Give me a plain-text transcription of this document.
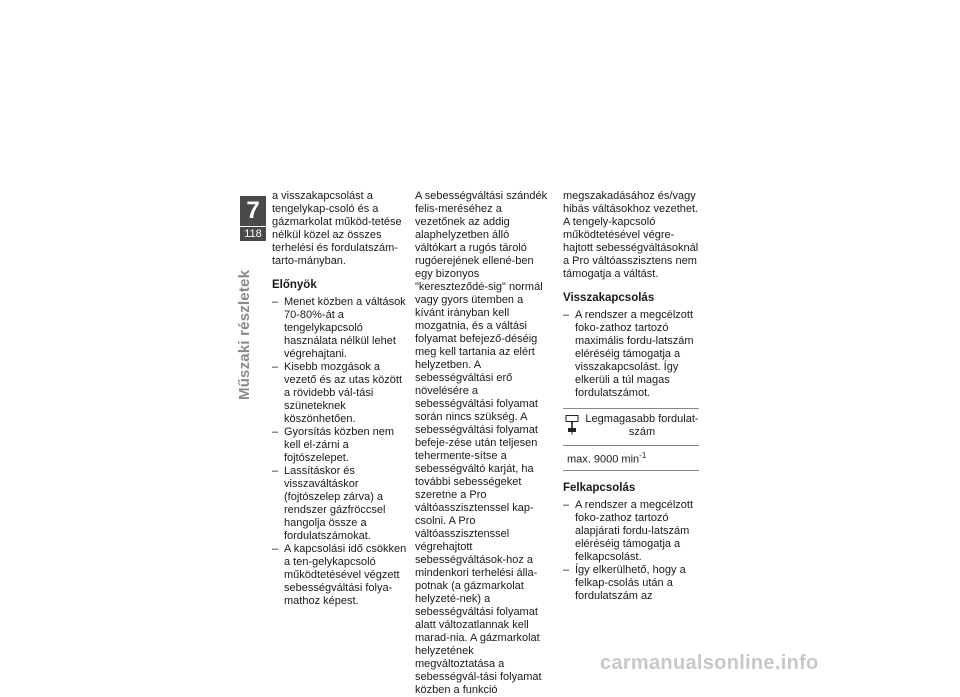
7
118
Műszaki részletek

a visszakapcsolást a tengelykap-csoló és a gázmarkolat működ-tetése nélkül közel az összes terhelési és fordulatszám-tarto-mányban.

Előnyök
– Menet közben a váltások 70-80%-át a tengelykapcsoló használata nélkül lehet végrehajtani.
– Kisebb mozgások a vezető és az utas között a rövidebb vál-tási szüneteknek köszönhetően.
– Gyorsítás közben nem kell el-zárni a fojtószelepet.
– Lassításkor és visszaváltáskor (fojtószelep zárva) a rendszer gázfröccsel hangolja össze a fordulatszámokat.
– A kapcsolási idő csökken a ten-gelykapcsoló működtetésével végzett sebességváltási folya-mathoz képest.

A sebességváltási szándék felis-meréséhez a vezetőnek az addig alaphelyzetben álló váltókart a rugós tároló rugóerejének ellené-ben egy bizonyos "kereszteződé-sig" normál vagy gyors ütemben a kívánt irányban kell mozgatnia, és a váltási folyamat befejező-déséig meg kell tartania az elért helyzetben. A sebességváltási erő növelésére a sebességváltási folyamat során nincs szükség. A sebességváltási folyamat befeje-zése után teljesen tehermente-sítse a sebességváltó karját, ha további sebességeket szeretne a Pro váltóasszisztenssel kap-csolni. A Pro váltóasszisztenssel végrehajtott sebességváltások-hoz a mindenkori terhelési álla-potnak (a gázmarkolat helyzeté-nek) a sebességváltási folyamat alatt változatlannak kell marad-nia. A gázmarkolat helyzetének megváltoztatása a sebességvál-tási folyamat közben a funkció

megszakadásához és/vagy hibás váltásokhoz vezethet. A tengely-kapcsoló működtetésével végre-hajtott sebességváltásoknál a Pro váltóasszisztens nem támogatja a váltást.

Visszakapcsolás
– A rendszer a megcélzott foko-zathoz tartozó maximális fordu-latszám eléréséig támogatja a visszakapcsolást. Így elkerüli a túl magas fordulatszámot.
Legmagasabb fordulat-szám
max. 9000 $\min^{-1}$
Felkapcsolás
– A rendszer a megcélzott foko-zathoz tartozó alapjárati fordu-latszám eléréséig támogatja a felkapcsolást.
– Így elkerülhető, hogy a felkap-csolás után a fordulatszám az
carmanualsonline.info
